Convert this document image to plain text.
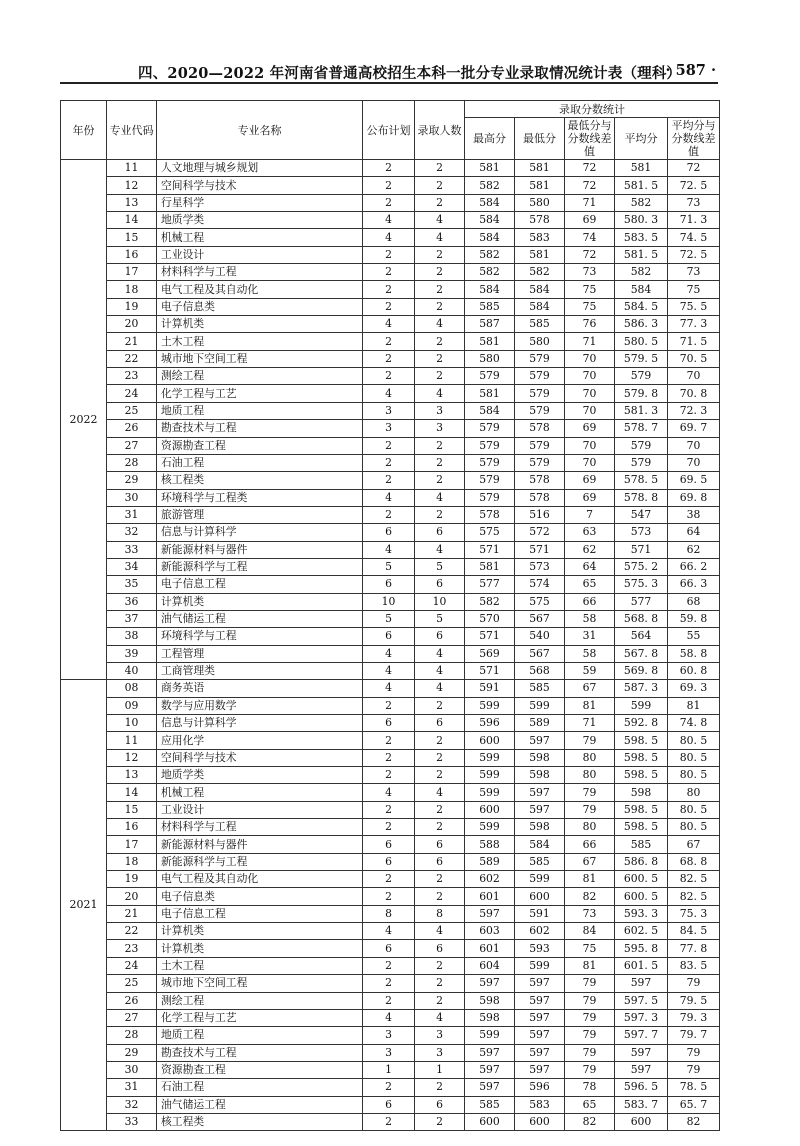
四、2020—2022 年河南省普通高校招生本科一批分专业录取情况统计表（理科）
· 587 ·
年份	专业代码	专业名称	公布计划	录取人数	录取分数统计				
					最高分	最低分	最低分与分数线差值	平均分	平均分与分数线差值
2022	11	人文地理与城乡规划	2	2	581	581	72	581	72
	12	空间科学与技术	2	2	582	581	72	581. 5	72. 5
	13	行星科学	2	2	584	580	71	582	73
	14	地质学类	4	4	584	578	69	580. 3	71. 3
	15	机械工程	4	4	584	583	74	583. 5	74. 5
	16	工业设计	2	2	582	581	72	581. 5	72. 5
	17	材料科学与工程	2	2	582	582	73	582	73
	18	电气工程及其自动化	2	2	584	584	75	584	75
	19	电子信息类	2	2	585	584	75	584. 5	75. 5
	20	计算机类	4	4	587	585	76	586. 3	77. 3
	21	土木工程	2	2	581	580	71	580. 5	71. 5
	22	城市地下空间工程	2	2	580	579	70	579. 5	70. 5
	23	测绘工程	2	2	579	579	70	579	70
	24	化学工程与工艺	4	4	581	579	70	579. 8	70. 8
	25	地质工程	3	3	584	579	70	581. 3	72. 3
	26	勘查技术与工程	3	3	579	578	69	578. 7	69. 7
	27	资源勘查工程	2	2	579	579	70	579	70
	28	石油工程	2	2	579	579	70	579	70
	29	核工程类	2	2	579	578	69	578. 5	69. 5
	30	环境科学与工程类	4	4	579	578	69	578. 8	69. 8
	31	旅游管理	2	2	578	516	7	547	38
	32	信息与计算科学	6	6	575	572	63	573	64
	33	新能源材料与器件	4	4	571	571	62	571	62
	34	新能源科学与工程	5	5	581	573	64	575. 2	66. 2
	35	电子信息工程	6	6	577	574	65	575. 3	66. 3
	36	计算机类	10	10	582	575	66	577	68
	37	油气储运工程	5	5	570	567	58	568. 8	59. 8
	38	环境科学与工程	6	6	571	540	31	564	55
	39	工程管理	4	4	569	567	58	567. 8	58. 8
	40	工商管理类	4	4	571	568	59	569. 8	60. 8
2021	08	商务英语	4	4	591	585	67	587. 3	69. 3
	09	数学与应用数学	2	2	599	599	81	599	81
	10	信息与计算科学	6	6	596	589	71	592. 8	74. 8
	11	应用化学	2	2	600	597	79	598. 5	80. 5
	12	空间科学与技术	2	2	599	598	80	598. 5	80. 5
	13	地质学类	2	2	599	598	80	598. 5	80. 5
	14	机械工程	4	4	599	597	79	598	80
	15	工业设计	2	2	600	597	79	598. 5	80. 5
	16	材料科学与工程	2	2	599	598	80	598. 5	80. 5
	17	新能源材料与器件	6	6	588	584	66	585	67
	18	新能源科学与工程	6	6	589	585	67	586. 8	68. 8
	19	电气工程及其自动化	2	2	602	599	81	600. 5	82. 5
	20	电子信息类	2	2	601	600	82	600. 5	82. 5
	21	电子信息工程	8	8	597	591	73	593. 3	75. 3
	22	计算机类	4	4	603	602	84	602. 5	84. 5
	23	计算机类	6	6	601	593	75	595. 8	77. 8
	24	土木工程	2	2	604	599	81	601. 5	83. 5
	25	城市地下空间工程	2	2	597	597	79	597	79
	26	测绘工程	2	2	598	597	79	597. 5	79. 5
	27	化学工程与工艺	4	4	598	597	79	597. 3	79. 3
	28	地质工程	3	3	599	597	79	597. 7	79. 7
	29	勘查技术与工程	3	3	597	597	79	597	79
	30	资源勘查工程	1	1	597	597	79	597	79
	31	石油工程	2	2	597	596	78	596. 5	78. 5
	32	油气储运工程	6	6	585	583	65	583. 7	65. 7
	33	核工程类	2	2	600	600	82	600	82
